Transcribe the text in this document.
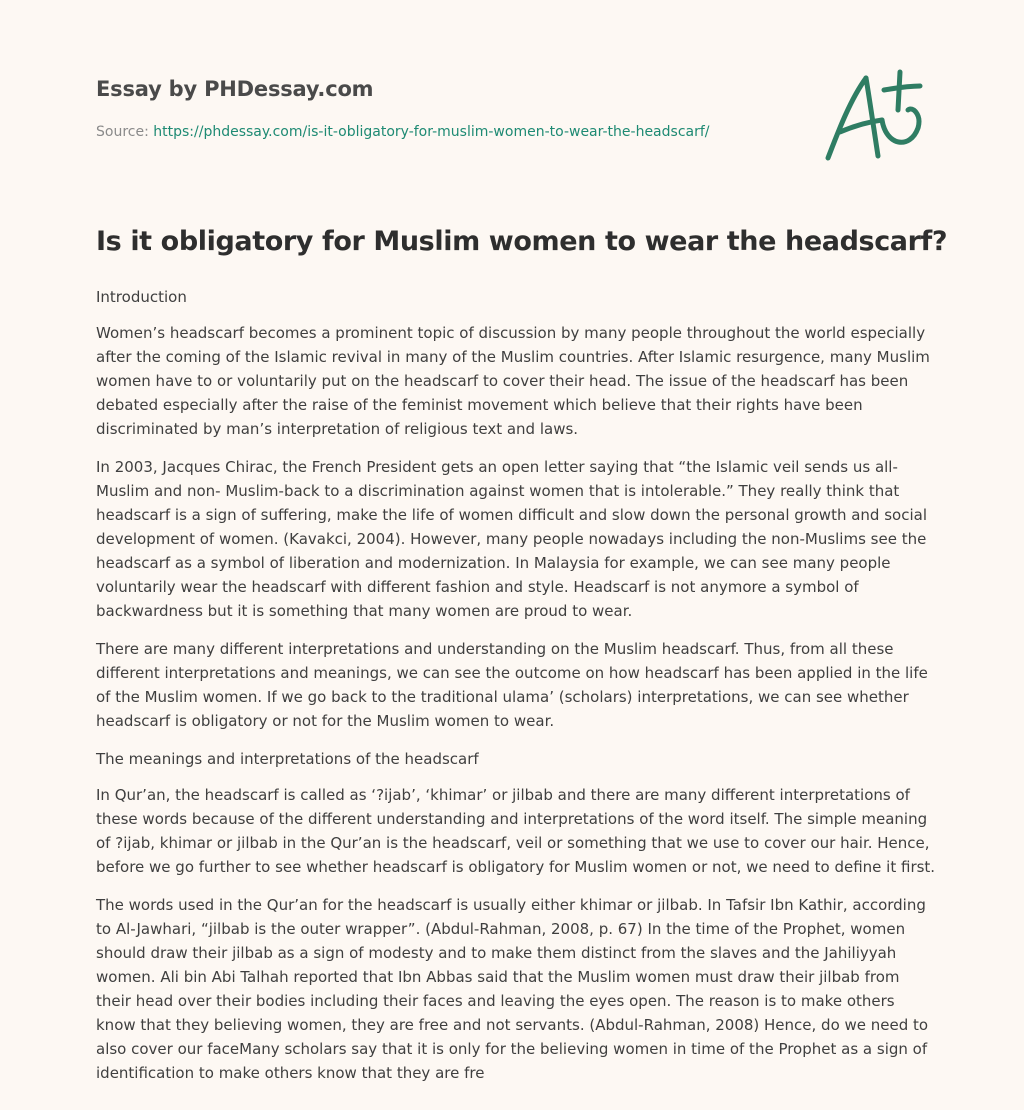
Essay by PHDessay.com
Source: https://phdessay.com/is-it-obligatory-for-muslim-women-to-wear-the-headscarf/
Is it obligatory for Muslim women to wear the headscarf?

Introduction

Women’s headscarf becomes a prominent topic of discussion by many people throughout the world especially after the coming of the Islamic revival in many of the Muslim countries. After Islamic resurgence, many Muslim women have to or voluntarily put on the headscarf to cover their head. The issue of the headscarf has been debated especially after the raise of the feminist movement which believe that their rights have been discriminated by man’s interpretation of religious text and laws.

In 2003, Jacques Chirac, the French President gets an open letter saying that “the Islamic veil sends us all-Muslim and non- Muslim-back to a discrimination against women that is intolerable.” They really think that headscarf is a sign of suffering, make the life of women difficult and slow down the personal growth and social development of women. (Kavakci, 2004). However, many people nowadays including the non-Muslims see the headscarf as a symbol of liberation and modernization. In Malaysia for example, we can see many people voluntarily wear the headscarf with different fashion and style. Headscarf is not anymore a symbol of backwardness but it is something that many women are proud to wear.

There are many different interpretations and understanding on the Muslim headscarf. Thus, from all these different interpretations and meanings, we can see the outcome on how headscarf has been applied in the life of the Muslim women. If we go back to the traditional ulama’ (scholars) interpretations, we can see whether headscarf is obligatory or not for the Muslim women to wear.

The meanings and interpretations of the headscarf

In Qur’an, the headscarf is called as ‘?ijab’, ‘khimar’ or jilbab and there are many different interpretations of these words because of the different understanding and interpretations of the word itself. The simple meaning of ?ijab, khimar or jilbab in the Qur’an is the headscarf, veil or something that we use to cover our hair. Hence, before we go further to see whether headscarf is obligatory for Muslim women or not, we need to define it first.

The words used in the Qur’an for the headscarf is usually either khimar or jilbab. In Tafsir Ibn Kathir, according to Al-Jawhari, “jilbab is the outer wrapper”. (Abdul-Rahman, 2008, p. 67) In the time of the Prophet, women should draw their jilbab as a sign of modesty and to make them distinct from the slaves and the Jahiliyyah women. Ali bin Abi Talhah reported that Ibn Abbas said that the Muslim women must draw their jilbab from their head over their bodies including their faces and leaving the eyes open. The reason is to make others know that they believing women, they are free and not servants. (Abdul-Rahman, 2008) Hence, do we need to also cover our faceMany scholars say that it is only for the believing women in time of the Prophet as a sign of identification to make others know that they are fre
